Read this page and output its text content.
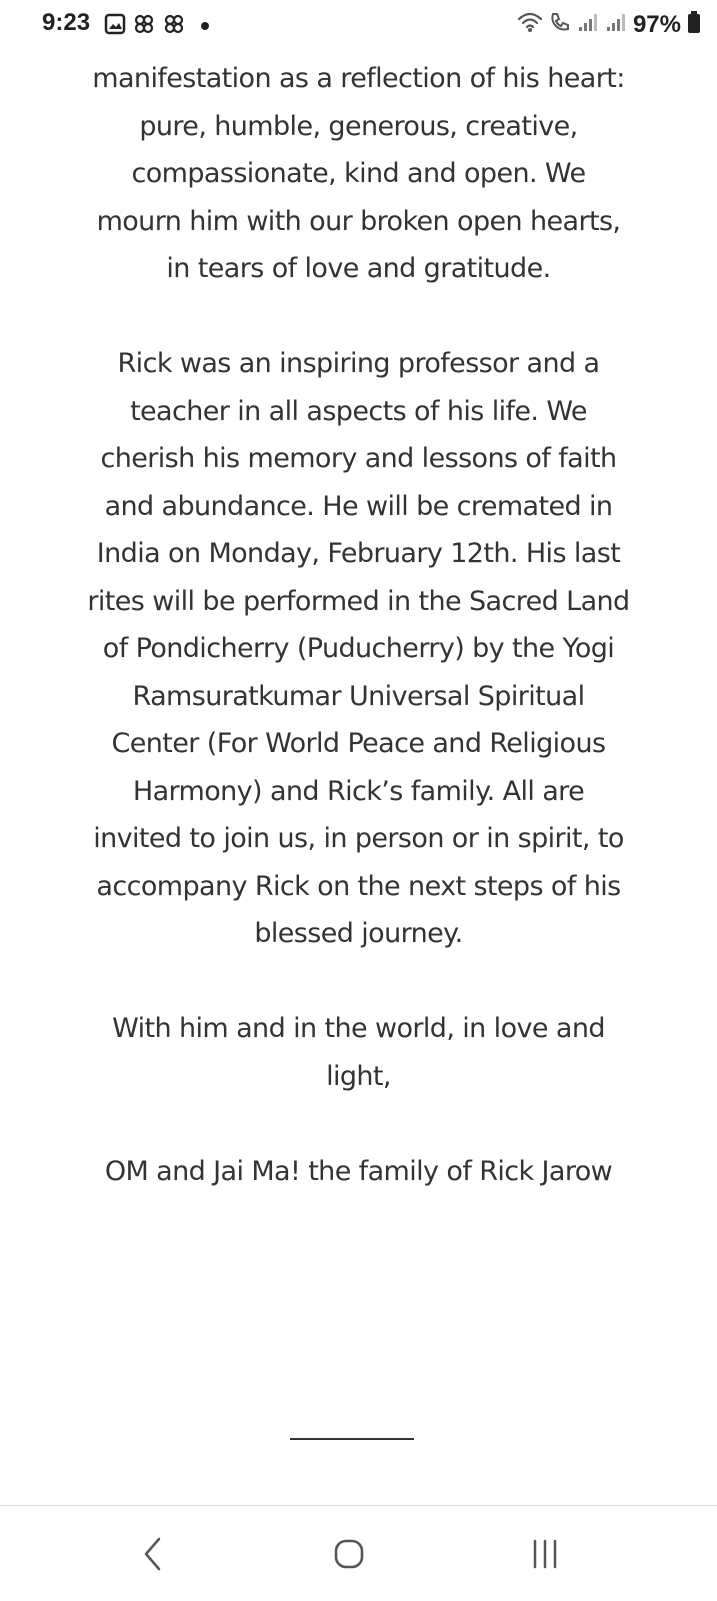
9:23	97%

manifestation as a reflection of his heart: pure, humble, generous, creative, compassionate, kind and open. We mourn him with our broken open hearts, in tears of love and gratitude.

Rick was an inspiring professor and a teacher in all aspects of his life. We cherish his memory and lessons of faith and abundance. He will be cremated in India on Monday, February 12th. His last rites will be performed in the Sacred Land of Pondicherry (Puducherry) by the Yogi Ramsuratkumar Universal Spiritual Center (For World Peace and Religious Harmony) and Rick’s family. All are invited to join us, in person or in spirit, to accompany Rick on the next steps of his blessed journey.

With him and in the world, in love and light,

OM and Jai Ma! the family of Rick Jarow
